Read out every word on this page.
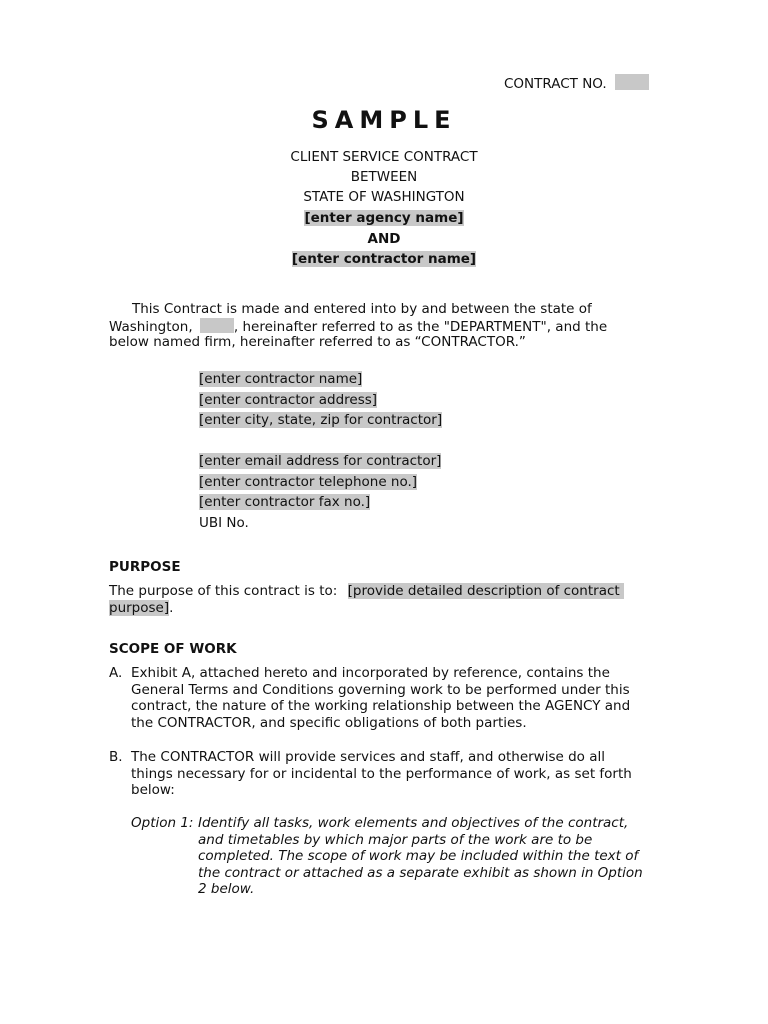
CONTRACT NO.
SAMPLE
CLIENT SERVICE CONTRACT
BETWEEN
STATE OF WASHINGTON
[enter agency name]
AND
[enter contractor name]
This Contract is made and entered into by and between the state of
Washington,	, hereinafter referred to as the "DEPARTMENT", and the
below named firm, hereinafter referred to as “CONTRACTOR.”
[enter contractor name]
[enter contractor address]
[enter city, state, zip for contractor]
[enter email address for contractor]
[enter contractor telephone no.]
[enter contractor fax no.]
UBI No.
PURPOSE
The purpose of this contract is to: [provide detailed description of contract
purpose].
SCOPE OF WORK
A. Exhibit A, attached hereto and incorporated by reference, contains the
General Terms and Conditions governing work to be performed under this
contract, the nature of the working relationship between the AGENCY and
the CONTRACTOR, and specific obligations of both parties.
B. The CONTRACTOR will provide services and staff, and otherwise do all
things necessary for or incidental to the performance of work, as set forth
below:
Option 1: Identify all tasks, work elements and objectives of the contract,
and timetables by which major parts of the work are to be
completed. The scope of work may be included within the text of
the contract or attached as a separate exhibit as shown in Option
2 below.
